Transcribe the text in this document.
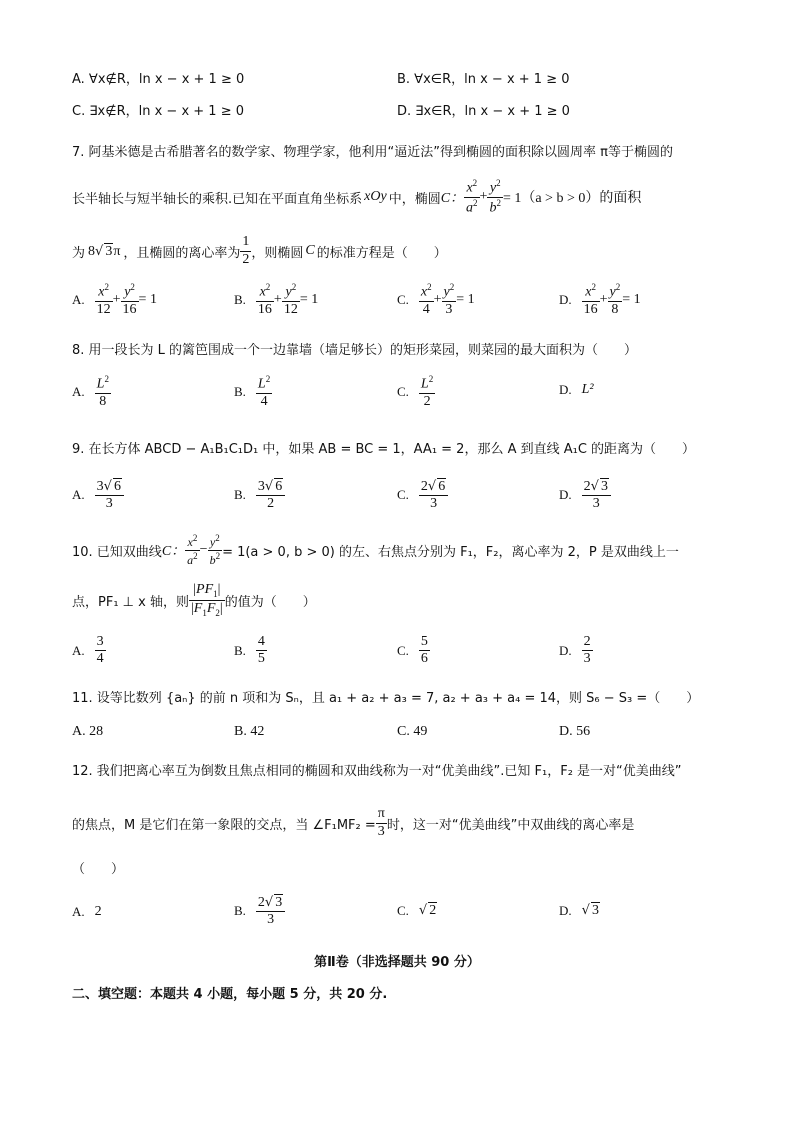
A. ∀x∉R，ln x − x + 1 ≥ 0	B. ∀x∈R，ln x − x + 1 ≥ 0
C. ∃x∉R，ln x − x + 1 ≥ 0	D. ∃x∈R，ln x − x + 1 ≥ 0
7. 阿基米德是古希腊著名的数学家、物理学家，他利用“逼近法”得到椭圆的面积除以圆周率 π等于椭圆的
长半轴长与短半轴长的乘积.已知在平面直角坐标系 xOy 中，椭圆 C： $\frac{x^2}{a^2} + \frac{y^2}{b^2} = 1(a > b > 0)$的面积
为 8√ 3π ，且椭圆的离心率为 $\frac{1}{2}$ ，则椭圆 C 的标准方程是（　　）
A. $\frac{x^2}{12} + \frac{y^2}{16} = 1$	B. $\frac{x^2}{16} + \frac{y^2}{12} = 1$	C. $\frac{x^2}{4} + \frac{y^2}{3} = 1$	D. $\frac{x^2}{16} + \frac{y^2}{8} = 1$
8. 用一段长为 L 的篱笆围成一个一边靠墙（墙足够长）的矩形菜园，则菜园的最大面积为（　　）
A. $\frac{L^2}{8}$	B. $\frac{L^2}{4}$	C. $\frac{L^2}{2}$	D. L²
9. 在长方体 ABCD − A₁B₁C₁D₁ 中，如果 AB = BC = 1，AA₁ = 2，那么 A 到直线 A₁C 的距离为（　　）
A. $\frac{3√ 6}{3}$	B. $\frac{3√ 6}{2}$	C. $\frac{2√ 6}{3}$	D. $\frac{2√ 3}{3}$
10. 已知双曲线 C： $\frac{x^2}{a^2} - \frac{y^2}{b^2} = 1(a > 0$, b > 0) 的左、右焦点分别为 F₁，F₂，离心率为 2，P 是双曲线上一
点，PF₁ ⊥ x 轴，则 $\frac{|PF_1|}{|F_1F_2|}$ 的值为（　　）
A. $\frac{3}{4}$	B. $\frac{4}{5}$	C. $\frac{5}{6}$	D. $\frac{2}{3}$
11. 设等比数列 {aₙ} 的前 n 项和为 Sₙ，且 a₁ + a₂ + a₃ = 7, a₂ + a₃ + a₄ = 14，则 S₆ − S₃ =（　　）
A. 28	B. 42	C. 49	D. 56
12. 我们把离心率互为倒数且焦点相同的椭圆和双曲线称为一对“优美曲线”.已知 F₁，F₂ 是一对“优美曲线”
的焦点，M 是它们在第一象限的交点，当 ∠F₁MF₂ = $\frac{\pi}{3}$ 时，这一对“优美曲线”中双曲线的离心率是
（　　）
A. 2	B. $\frac{2√ 3}{3}$	C. √ 2	D. √ 3
第Ⅱ卷（非选择题共 90 分）
二、填空题：本题共 4 小题，每小题 5 分，共 20 分.
